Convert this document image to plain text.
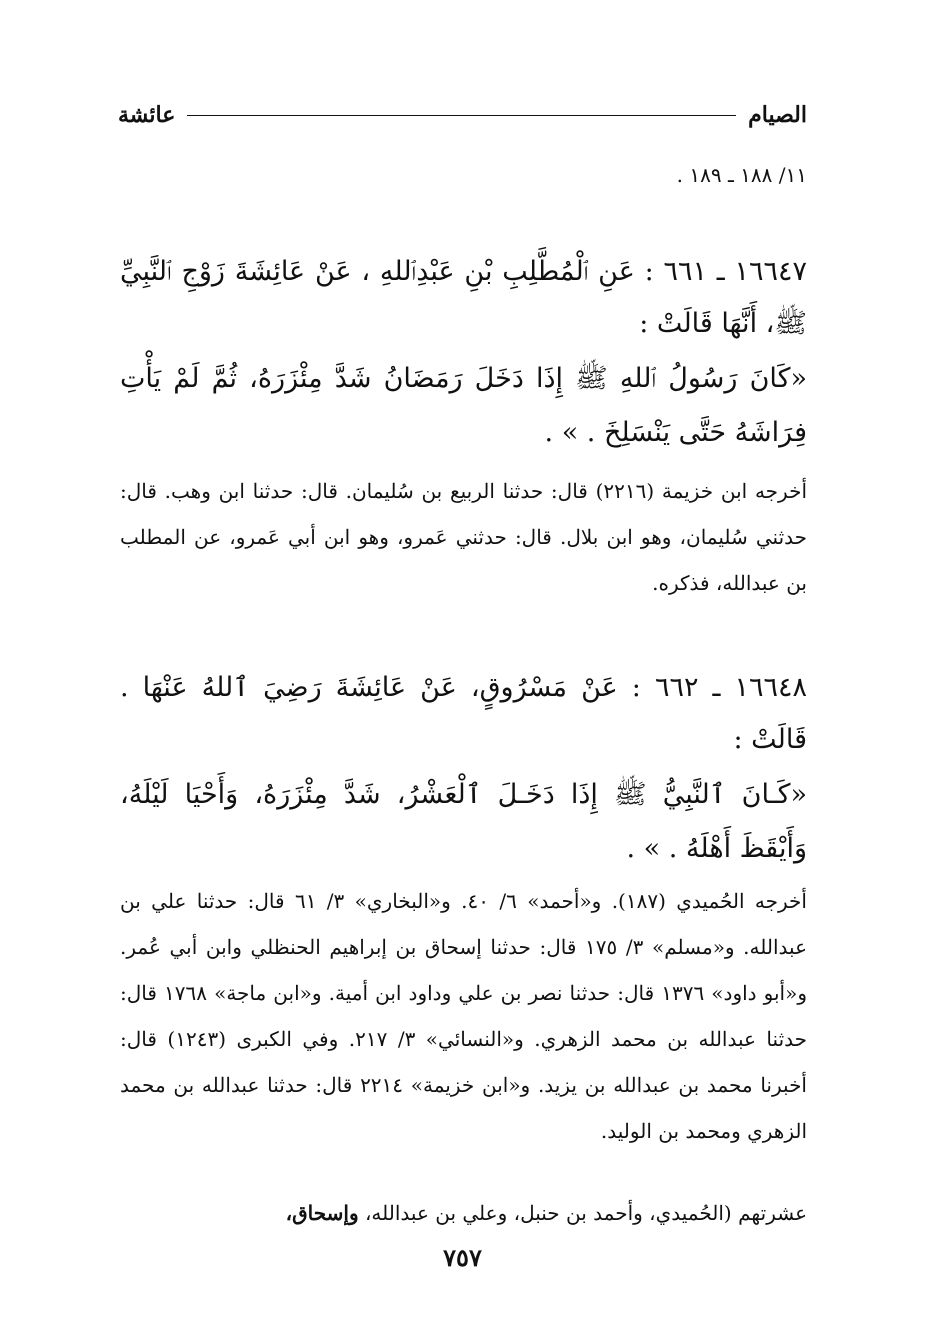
الصيام
عائشة
١١/ ١٨٨ ـ ١٨٩ .
١٦٦٤٧ ـ ٦٦١ : عَنِ ٱلْمُطَّلِبِ بْنِ عَبْدِٱللهِ ، عَنْ عَائِشَةَ زَوْجِ ٱلنَّبِيِّ ﷺ، أَنَّهَا قَالَتْ :
«كَانَ رَسُولُ ٱللهِ ﷺ إِذَا دَخَلَ رَمَضَانُ شَدَّ مِئْزَرَهُ، ثُمَّ لَمْ يَأْتِ فِرَاشَهُ حَتَّى يَنْسَلِخَ . » .
أخرجه ابن خزيمة (٢٢١٦) قال: حدثنا الربيع بن سُليمان. قال: حدثنا ابن وهب. قال: حدثني سُليمان، وهو ابن بلال. قال: حدثني عَمرو، وهو ابن أبي عَمرو، عن المطلب بن عبدالله، فذكره.
١٦٦٤٨ ـ ٦٦٢ : عَنْ مَسْرُوقٍ، عَنْ عَائِشَةَ رَضِيَ ٱللهُ عَنْهَا . قَالَتْ :
«كَـانَ ٱلنَّبِيُّ ﷺ إِذَا دَخَـلَ ٱلْعَشْرُ، شَدَّ مِئْزَرَهُ، وَأَحْيَا لَيْلَهُ، وَأَيْقَظَ أَهْلَهُ . » .
أخرجه الحُميدي (١٨٧). و«أحمد» ٦/ ٤٠. و«البخاري» ٣/ ٦١ قال: حدثنا علي بن عبدالله. و«مسلم» ٣/ ١٧٥ قال: حدثنا إسحاق بن إبراهيم الحنظلي وابن أبي عُمر. و«أبو داود» ١٣٧٦ قال: حدثنا نصر بن علي وداود ابن أمية. و«ابن ماجة» ١٧٦٨ قال: حدثنا عبدالله بن محمد الزهري. و«النسائي» ٣/ ٢١٧. وفي الكبرى (١٢٤٣) قال: أخبرنا محمد بن عبدالله بن يزيد. و«ابن خزيمة» ٢٢١٤ قال: حدثنا عبدالله بن محمد الزهري ومحمد بن الوليد.
عشرتهم (الحُميدي، وأحمد بن حنبل، وعلي بن عبدالله، وإسحاق،
٧٥٧
